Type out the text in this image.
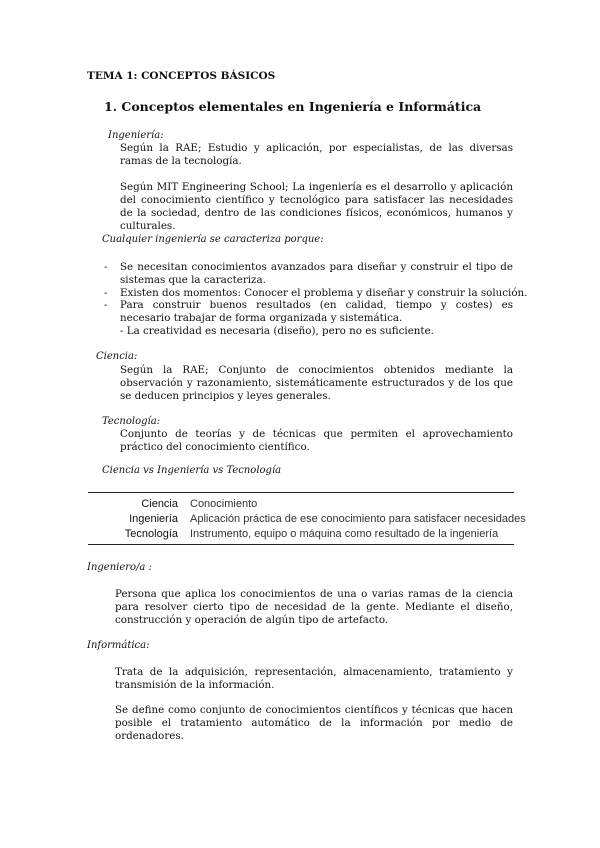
TEMA 1: CONCEPTOS BÁSICOS
1. Conceptos elementales en Ingeniería e Informática
Ingeniería:
Según la RAE; Estudio y aplicación, por especialistas, de las diversas ramas de la tecnología.
Según MIT Engineering School; La ingeniería es el desarrollo y aplicación del conocimiento científico y tecnológico para satisfacer las necesidades de la sociedad, dentro de las condiciones físicos, económicos, humanos y culturales.
Cualquier ingeniería se caracteriza porque:
- Se necesitan conocimientos avanzados para diseñar y construir el tipo de sistemas que la caracteriza.
- Existen dos momentos: Conocer el problema y diseñar y construir la solución.
- Para construir buenos resultados (en calidad, tiempo y costes) es necesario trabajar de forma organizada y sistemática.
- La creatividad es necesaria (diseño), pero no es suficiente.
Ciencia:
Según la RAE; Conjunto de conocimientos obtenidos mediante la observación y razonamiento, sistemáticamente estructurados y de los que se deducen principios y leyes generales.
Tecnología:
Conjunto de teorías y de técnicas que permiten el aprovechamiento práctico del conocimiento científico.
Ciencia vs Ingeniería vs Tecnología
Ciencia Conocimiento
Ingeniería Aplicación práctica de ese conocimiento para satisfacer necesidades
Tecnología Instrumento, equipo o máquina como resultado de la ingeniería
Ingeniero/a :
Persona que aplica los conocimientos de una o varias ramas de la ciencia para resolver cierto tipo de necesidad de la gente. Mediante el diseño, construcción y operación de algún tipo de artefacto.
Informática:
Trata de la adquisición, representación, almacenamiento, tratamiento y transmisión de la información.
Se define como conjunto de conocimientos científicos y técnicas que hacen posible el tratamiento automático de la información por medio de ordenadores.
